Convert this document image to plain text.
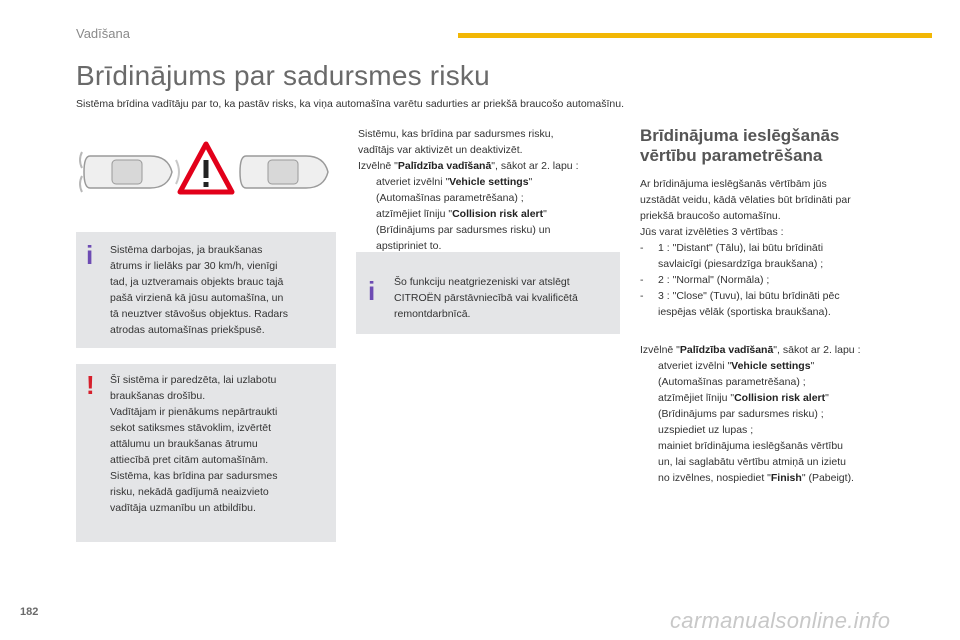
Vadīšana
Brīdinājums par sadursmes risku
Sistēma brīdina vadītāju par to, ka pastāv risks, ka viņa automašīna varētu sadurties ar priekšā braucošo automašīnu.
i Sistēma darbojas, ja braukšanas
ātrums ir lielāks par 30 km/h, vienīgi
tad, ja uztveramais objekts brauc tajā
pašā virzienā kā jūsu automašīna, un
tā neuztver stāvošus objektus. Radars
atrodas automašīnas priekšpusē.

! Šī sistēma ir paredzēta, lai uzlabotu
braukšanas drošību.
Vadītājam ir pienākums nepārtraukti
sekot satiksmes stāvoklim, izvērtēt
attālumu un braukšanas ātrumu
attiecībā pret citām automašīnām.
Sistēma, kas brīdina par sadursmes
risku, nekādā gadījumā neaizvieto
vadītāja uzmanību un atbildību.

Sistēmu, kas brīdina par sadursmes risku,

vadītājs var aktivizēt un deaktivizēt.

Izvēlnē "Palīdzība vadīšanā", sākot ar 2. lapu :

atveriet izvēlni "Vehicle settings"

(Automašīnas parametrēšana) ;

atzīmējiet līniju "Collision risk alert"

(Brīdinājums par sadursmes risku) un

apstipriniet to.

i Šo funkciju neatgriezeniski var atslēgt
CITROËN pārstāvniecībā vai kvalificētā
remontdarbnīcā.

Brīdinājuma ieslēgšanās
vērtību parametrēšana

Ar brīdinājuma ieslēgšanās vērtībām jūs

uzstādāt veidu, kādā vēlaties būt brīdināti par

priekšā braucošo automašīnu.

Jūs varat izvēlēties 3 vērtības :

- 1 : "Distant" (Tālu), lai būtu brīdināti

savlaicīgi (piesardzīga braukšana) ;

- 2 : "Normal" (Normāla) ;

- 3 : "Close" (Tuvu), lai būtu brīdināti pēc

iespējas vēlāk (sportiska braukšana).

Izvēlnē "Palīdzība vadīšanā", sākot ar 2. lapu :

atveriet izvēlni "Vehicle settings"

(Automašīnas parametrēšana) ;

atzīmējiet līniju "Collision risk alert"

(Brīdinājums par sadursmes risku) ;

uzspiediet uz lupas ;

mainiet brīdinājuma ieslēgšanās vērtību

un, lai saglabātu vērtību atmiņā un izietu

no izvēlnes, nospiediet "Finish" (Pabeigt).

182	carmanualsonline.info
